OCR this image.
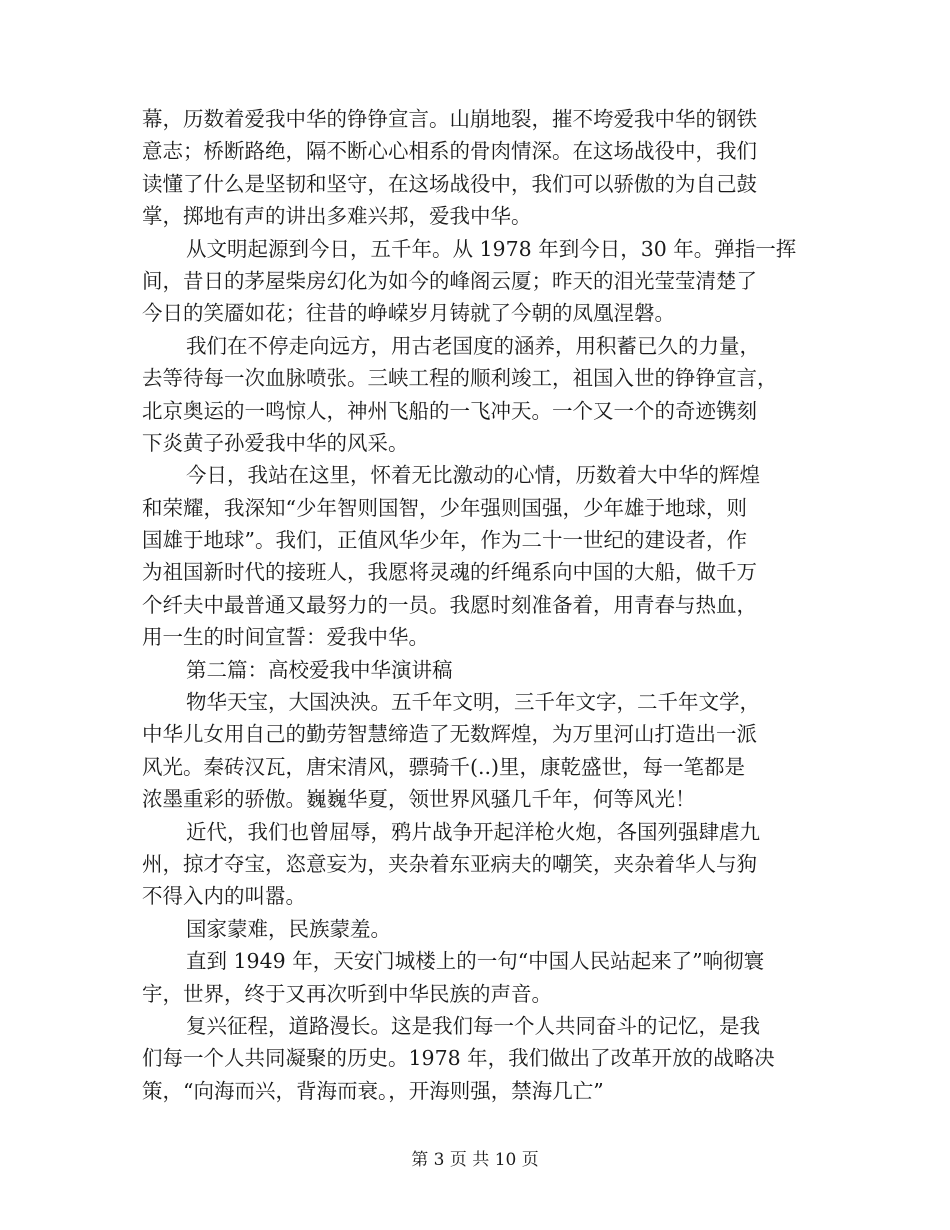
幕，历数着爱我中华的铮铮宣言。山崩地裂，摧不垮爱我中华的钢铁
意志；桥断路绝，隔不断心心相系的骨肉情深。在这场战役中，我们
读懂了什么是坚韧和坚守，在这场战役中，我们可以骄傲的为自己鼓
掌，掷地有声的讲出多难兴邦，爱我中华。
从文明起源到今日，五千年。从 1978 年到今日，30 年。弹指一挥
间，昔日的茅屋柴房幻化为如今的峰阁云厦；昨天的泪光莹莹清楚了
今日的笑靥如花；往昔的峥嵘岁月铸就了今朝的凤凰涅磐。
我们在不停走向远方，用古老国度的涵养，用积蓄已久的力量，
去等待每一次血脉喷张。三峡工程的顺利竣工，祖国入世的铮铮宣言，
北京奥运的一鸣惊人，神州飞船的一飞冲天。一个又一个的奇迹镌刻
下炎黄子孙爱我中华的风采。
今日，我站在这里，怀着无比激动的心情，历数着大中华的辉煌
和荣耀，我深知“少年智则国智，少年强则国强，少年雄于地球，则
国雄于地球”。我们，正值风华少年，作为二十一世纪的建设者，作
为祖国新时代的接班人，我愿将灵魂的纤绳系向中国的大船，做千万
个纤夫中最普通又最努力的一员。我愿时刻准备着，用青春与热血，
用一生的时间宣誓：爱我中华。
第二篇：高校爱我中华演讲稿
物华天宝，大国泱泱。五千年文明，三千年文字，二千年文学，
中华儿女用自己的勤劳智慧缔造了无数辉煌，为万里河山打造出一派
风光。秦砖汉瓦，唐宋清风，骠骑千(..)里，康乾盛世，每一笔都是
浓墨重彩的骄傲。巍巍华夏，领世界风骚几千年，何等风光！
近代，我们也曾屈辱，鸦片战争开起洋枪火炮，各国列强肆虐九
州，掠才夺宝，恣意妄为，夹杂着东亚病夫的嘲笑，夹杂着华人与狗
不得入内的叫嚣。
国家蒙难，民族蒙羞。
直到 1949 年，天安门城楼上的一句“中国人民站起来了”响彻寰
宇，世界，终于又再次听到中华民族的声音。
复兴征程，道路漫长。这是我们每一个人共同奋斗的记忆，是我
们每一个人共同凝聚的历史。1978 年，我们做出了改革开放的战略决
策，“向海而兴，背海而衰。，开海则强，禁海几亡”
第 3 页 共 10 页
